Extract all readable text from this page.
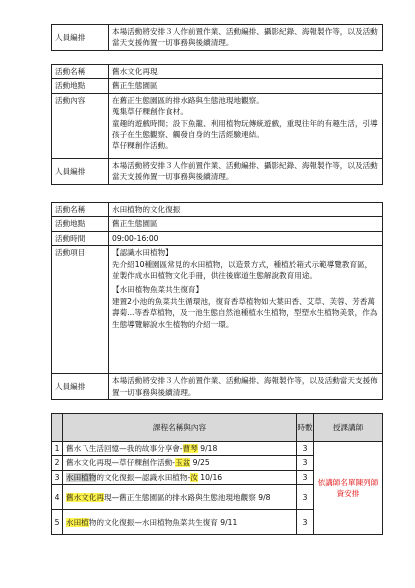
人員編排	本場活動將安排３人作前置作業、活動編排、攝影紀錄、海報製作等，以及活動當天支援佈置一切事務與後續清理。
活動名稱	舊水文化再現
活動地點	舊正生態園區
活動內容	在舊正生態園區的排水路與生態池現地觀察。
蒐集草仔粿創作食材。
童趣的遊戲時間；設下魚籠、利用植物玩傳統遊戲，重現往年的有趣生活，引導孩子在生態觀察、觸發自身的生活經驗連結。
草仔粿創作活動。

人員編排	本場活動將安排３人作前置作業、活動編排、攝影紀錄、海報製作等，以及活動當天支援佈置一切事務與後續清理。
活動名稱	水田植物的文化復振
活動地點	舊正生態園區
活動時間	09:00-16:00
活動項目	【認識水田植物】
先介紹10種園區常見的水田植物，以造景方式，種植於箱式示範導覽教育區，並製作成水田植物文化手冊，供往後廊道生態解說教育用途。
【水田植物魚菜共生復育】
建置2小池的魚菜共生循環池，復育香草植物如大葉田香、艾草、芙蓉、芳香萬壽菊...等香草植物，及一池生態自然池種植水生植物，型塑水生植物美景，作為生態導覽解說水生植物的介紹一環。

人員編排	本場活動將安排３人作前置作業、活動編排、海報製作等，以及活動當天支援佈置一切事務與後續清理。
	課程名稱與內容	時數	授課講師
1	舊水乁生活回憶—我的故事分享會-曹琴 9/18	3	依講師名單陳列師資安排
2	舊水文化再現—草仔粿創作活動-玉盆 9/25	3	
3	水田植物的文化復振—認識水田植物-汝 10/16	3	
4	舊水文化再現—舊正生態園區的排水路與生態池現地觀察 9/8	3	
5	水田植物的文化復振—水田植物魚菜共生復育 9/11	3	
